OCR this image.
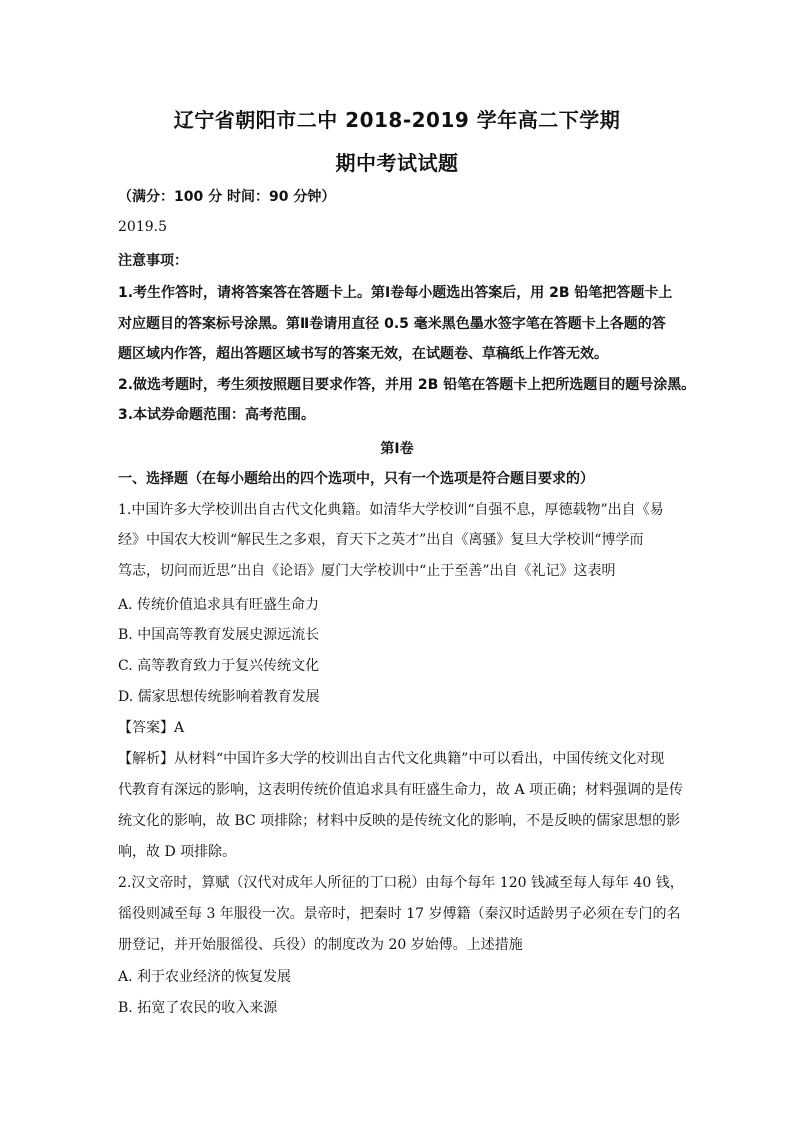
辽宁省朝阳市二中 2018-2019 学年高二下学期
期中考试试题
（满分：100 分 时间：90 分钟）
2019.5
注意事项：
1.考生作答时，请将答案答在答题卡上。第Ⅰ卷每小题选出答案后，用 2B 铅笔把答题卡上
对应题目的答案标号涂黑。第Ⅱ卷请用直径 0.5 毫米黑色墨水签字笔在答题卡上各题的答
题区域内作答，超出答题区域书写的答案无效，在试题卷、草稿纸上作答无效。
2.做选考题时，考生须按照题目要求作答，并用 2B 铅笔在答题卡上把所选题目的题号涂黑。
3.本试券命题范围：高考范围。
第Ⅰ卷
一、选择题（在每小题给出的四个选项中，只有一个选项是符合题目要求的）
1.中国许多大学校训出自古代文化典籍。如清华大学校训“自强不息，厚德载物”出自《易
经》中国农大校训“解民生之多艰，育天下之英才”出自《离骚》复旦大学校训“博学而
笃志，切问而近思”出自《论语》厦门大学校训中“止于至善”出自《礼记》这表明
A. 传统价值追求具有旺盛生命力
B. 中国高等教育发展史源远流长
C. 高等教育致力于复兴传统文化
D. 儒家思想传统影响着教育发展
【答案】A
【解析】从材料“中国许多大学的校训出自古代文化典籍”中可以看出，中国传统文化对现
代教育有深远的影响，这表明传统价值追求具有旺盛生命力，故 A 项正确；材料强调的是传
统文化的影响，故 BC 项排除；材料中反映的是传统文化的影响，不是反映的儒家思想的影
响，故 D 项排除。
2.汉文帝时，算赋（汉代对成年人所征的丁口税）由每个每年 120 钱减至每人每年 40 钱，
徭役则减至每 3 年服役一次。景帝时，把秦时 17 岁傅籍（秦汉时适龄男子必须在专门的名
册登记，并开始服徭役、兵役）的制度改为 20 岁始傅。上述措施
A. 利于农业经济的恢复发展
B. 拓宽了农民的收入来源
